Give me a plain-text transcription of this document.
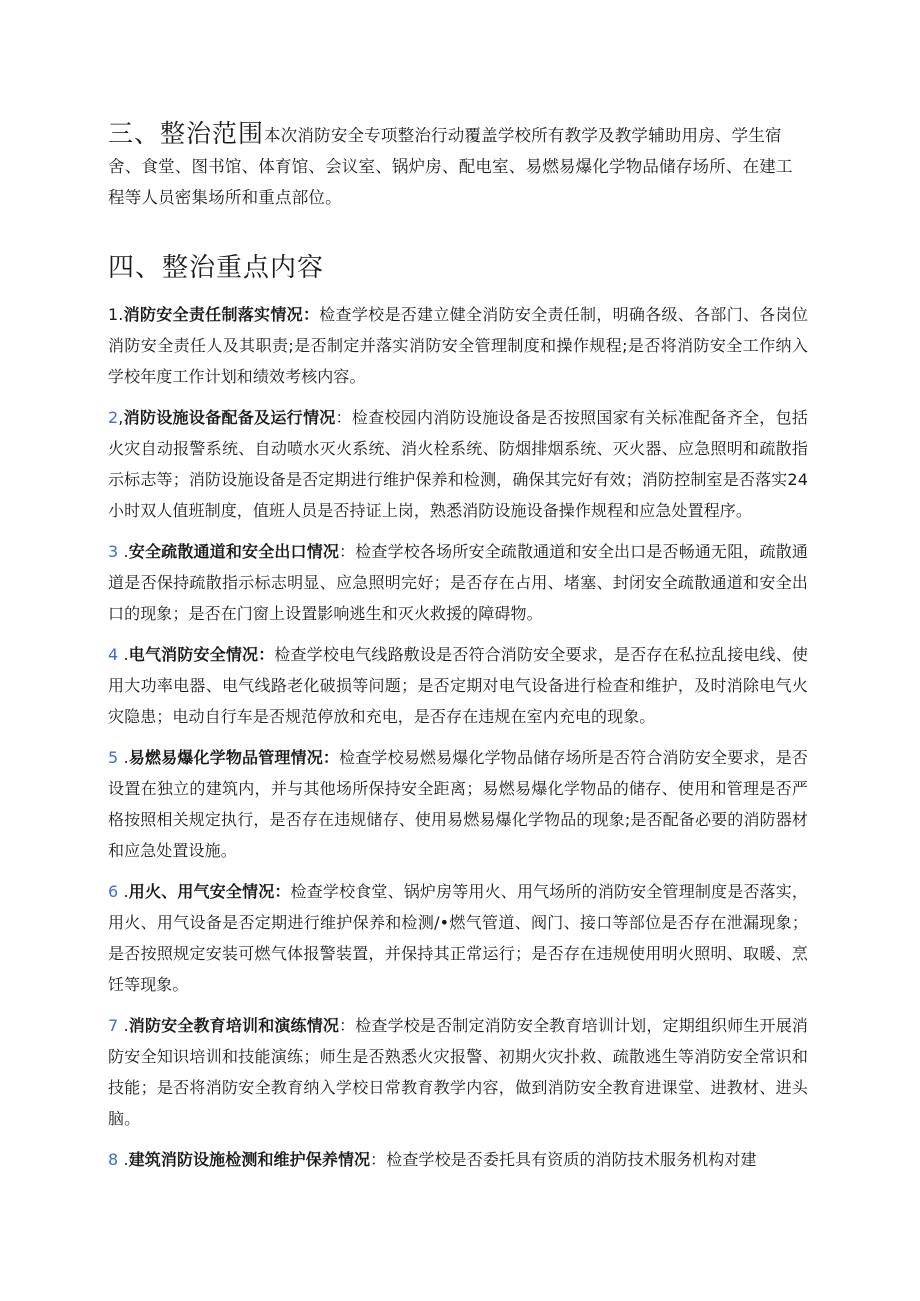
三、整治范围本次消防安全专项整治行动覆盖学校所有教学及教学辅助用房、学生宿舍、食堂、图书馆、体育馆、会议室、锅炉房、配电室、易燃易爆化学物品储存场所、在建工程等人员密集场所和重点部位。
四、整治重点内容
1.消防安全责任制落实情况：检查学校是否建立健全消防安全责任制，明确各级、各部门、各岗位消防安全责任人及其职责;是否制定并落实消防安全管理制度和操作规程;是否将消防安全工作纳入学校年度工作计划和绩效考核内容。
2,消防设施设备配备及运行情况：检查校园内消防设施设备是否按照国家有关标准配备齐全，包括火灾自动报警系统、自动喷水灭火系统、消火栓系统、防烟排烟系统、灭火器、应急照明和疏散指示标志等；消防设施设备是否定期进行维护保养和检测，确保其完好有效；消防控制室是否落实24小时双人值班制度，值班人员是否持证上岗，熟悉消防设施设备操作规程和应急处置程序。
3 .安全疏散通道和安全出口情况：检查学校各场所安全疏散通道和安全出口是否畅通无阻，疏散通道是否保持疏散指示标志明显、应急照明完好；是否存在占用、堵塞、封闭安全疏散通道和安全出口的现象；是否在门窗上设置影响逃生和灭火救援的障碍物。
4 .电气消防安全情况：检查学校电气线路敷设是否符合消防安全要求，是否存在私拉乱接电线、使用大功率电器、电气线路老化破损等问题；是否定期对电气设备进行检查和维护，及时消除电气火灾隐患；电动自行车是否规范停放和充电，是否存在违规在室内充电的现象。
5 .易燃易爆化学物品管理情况：检查学校易燃易爆化学物品储存场所是否符合消防安全要求，是否设置在独立的建筑内，并与其他场所保持安全距离；易燃易爆化学物品的储存、使用和管理是否严格按照相关规定执行，是否存在违规储存、使用易燃易爆化学物品的现象;是否配备必要的消防器材和应急处置设施。
6 .用火、用气安全情况：检查学校食堂、锅炉房等用火、用气场所的消防安全管理制度是否落实，用火、用气设备是否定期进行维护保养和检测/•燃气管道、阀门、接口等部位是否存在泄漏现象；是否按照规定安装可燃气体报警装置，并保持其正常运行；是否存在违规使用明火照明、取暖、烹饪等现象。
7 .消防安全教育培训和演练情况：检查学校是否制定消防安全教育培训计划，定期组织师生开展消防安全知识培训和技能演练；师生是否熟悉火灾报警、初期火灾扑救、疏散逃生等消防安全常识和技能；是否将消防安全教育纳入学校日常教育教学内容，做到消防安全教育进课堂、进教材、进头脑。
8 .建筑消防设施检测和维护保养情况：检查学校是否委托具有资质的消防技术服务机构对建
